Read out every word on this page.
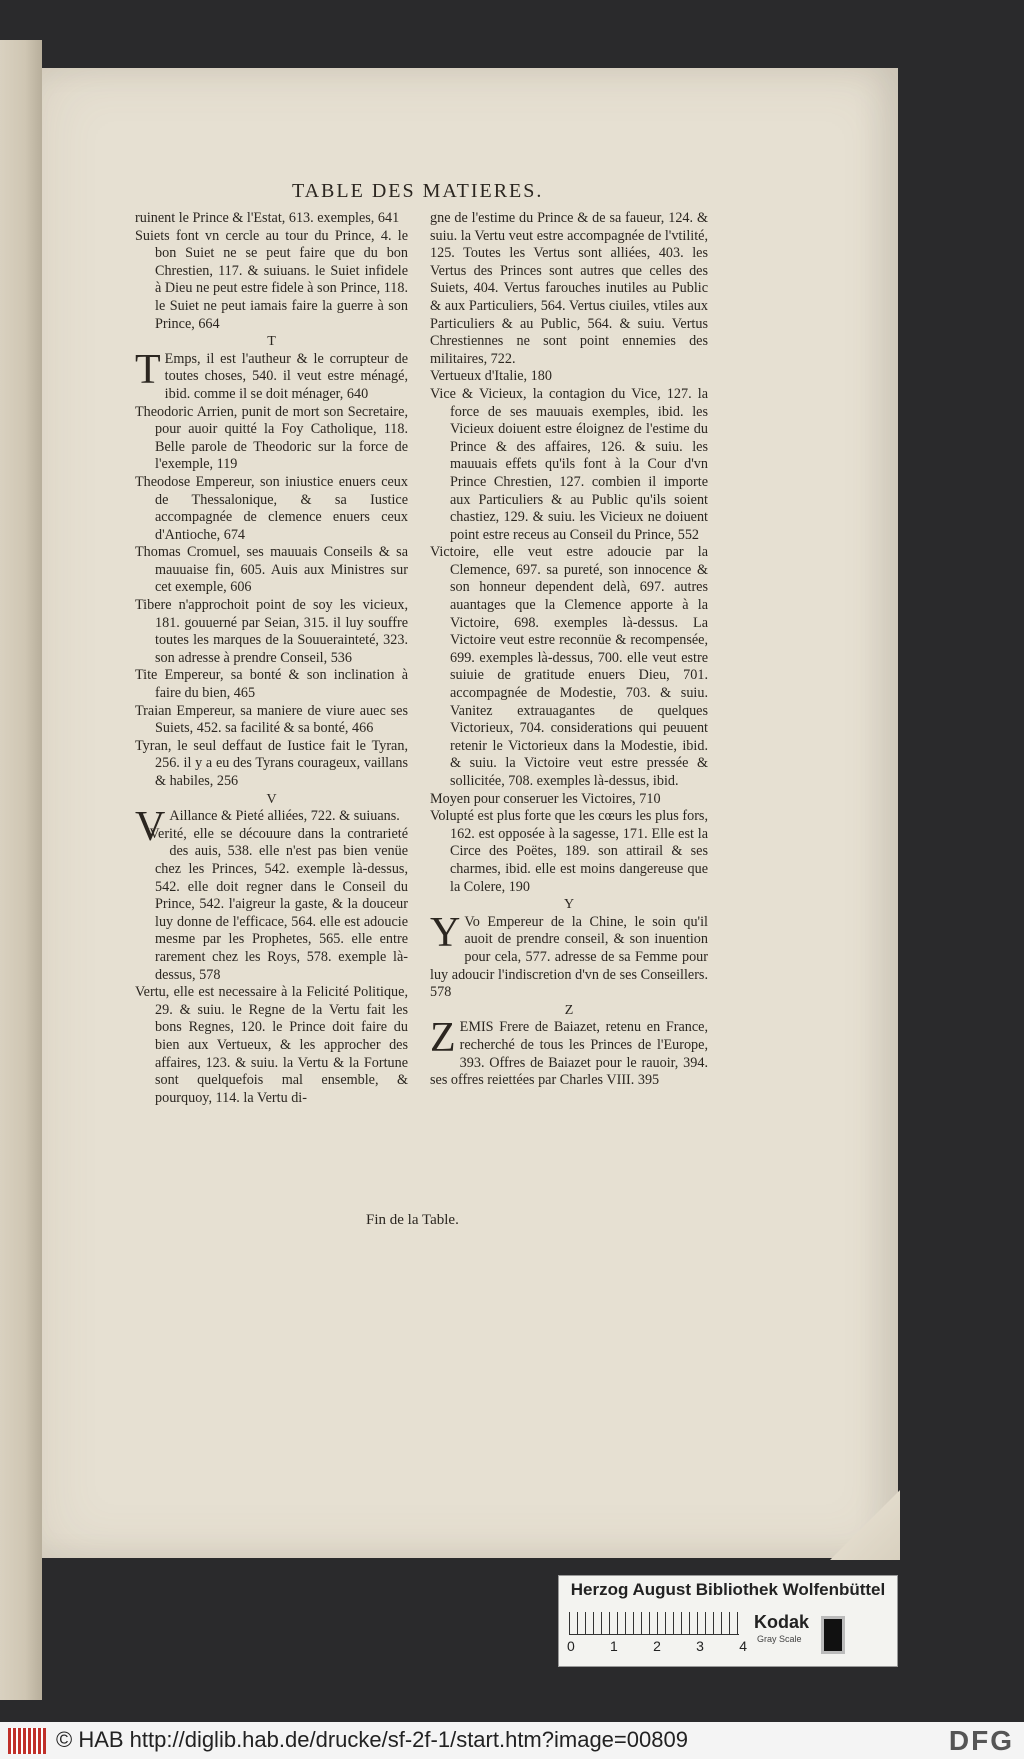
TABLE DES MATIERES.

ruinent le Prince & l'Estat, 613. exemples, 641

Suiets font vn cercle au tour du Prince, 4. le bon Suiet ne se peut faire que du bon Chrestien, 117. & suiuans. le Suiet infidele à Dieu ne peut estre fidele à son Prince, 118. le Suiet ne peut iamais faire la guerre à son Prince, 664

T

T Emps, il est l'autheur & le corrupteur de toutes choses, 540. il veut estre ménagé, ibid. comme il se doit ménager, 640

Theodoric Arrien, punit de mort son Secretaire, pour auoir quitté la Foy Catholique, 118. Belle parole de Theodoric sur la force de l'exemple, 119

Theodose Empereur, son iniustice enuers ceux de Thessalonique, & sa Iustice accompagnée de clemence enuers ceux d'Antioche, 674

Thomas Cromuel, ses mauuais Conseils & sa mauuaise fin, 605. Auis aux Ministres sur cet exemple, 606

Tibere n'approchoit point de soy les vicieux, 181. gouuerné par Seian, 315. il luy souffre toutes les marques de la Souuerainteté, 323. son adresse à prendre Conseil, 536

Tite Empereur, sa bonté & son inclination à faire du bien, 465

Traian Empereur, sa maniere de viure auec ses Suiets, 452. sa facilité & sa bonté, 466

Tyran, le seul deffaut de Iustice fait le Tyran, 256. il y a eu des Tyrans courageux, vaillans & habiles, 256

V

V Aillance & Pieté alliées, 722. & suiuans.

Verité, elle se découure dans la contrarieté des auis, 538. elle n'est pas bien venüe chez les Princes, 542. exemple là-dessus, 542. elle doit regner dans le Conseil du Prince, 542. l'aigreur la gaste, & la douceur luy donne de l'efficace, 564. elle est adoucie mesme par les Prophetes, 565. elle entre rarement chez les Roys, 578. exemple là-dessus, 578

Vertu, elle est necessaire à la Felicité Politique, 29. & suiu. le Regne de la Vertu fait les bons Regnes, 120. le Prince doit faire du bien aux Vertueux, & les approcher des affaires, 123. & suiu. la Vertu & la Fortune sont quelquefois mal ensemble, & pourquoy, 114. la Vertu di-

gne de l'estime du Prince & de sa faueur, 124. & suiu. la Vertu veut estre accompagnée de l'vtilité, 125. Toutes les Vertus sont alliées, 403. les Vertus des Princes sont autres que celles des Suiets, 404. Vertus farouches inutiles au Public & aux Particuliers, 564. Vertus ciuiles, vtiles aux Particuliers & au Public, 564. & suiu. Vertus Chrestiennes ne sont point ennemies des militaires, 722.

Vertueux d'Italie, 180

Vice & Vicieux, la contagion du Vice, 127. la force de ses mauuais exemples, ibid. les Vicieux doiuent estre éloignez de l'estime du Prince & des affaires, 126. & suiu. les mauuais effets qu'ils font à la Cour d'vn Prince Chrestien, 127. combien il importe aux Particuliers & au Public qu'ils soient chastiez, 129. & suiu. les Vicieux ne doiuent point estre receus au Conseil du Prince, 552

Victoire, elle veut estre adoucie par la Clemence, 697. sa pureté, son innocence & son honneur dependent delà, 697. autres auantages que la Clemence apporte à la Victoire, 698. exemples là-dessus. La Victoire veut estre reconnüe & recompensée, 699. exemples là-dessus, 700. elle veut estre suiuie de gratitude enuers Dieu, 701. accompagnée de Modestie, 703. & suiu. Vanitez extrauagantes de quelques Victorieux, 704. considerations qui peuuent retenir le Victorieux dans la Modestie, ibid. & suiu. la Victoire veut estre pressée & sollicitée, 708. exemples là-dessus, ibid.

Moyen pour conseruer les Victoires, 710

Volupté est plus forte que les cœurs les plus fors, 162. est opposée à la sagesse, 171. Elle est la Circe des Poëtes, 189. son attirail & ses charmes, ibid. elle est moins dangereuse que la Colere, 190

Y

Y Vo Empereur de la Chine, le soin qu'il auoit de prendre conseil, & son inuention pour cela, 577. adresse de sa Femme pour luy adoucir l'indiscretion d'vn de ses Conseillers. 578

Z

ZEMIS Frere de Baiazet, retenu en France, recherché de tous les Princes de l'Europe, 393. Offres de Baiazet pour le rauoir, 394. ses offres reiettées par Charles VIII. 395

Fin de la Table.
Herzog August Bibliothek Wolfenbüttel
0	1	2	3	4
Kodak
Gray Scale
© HAB http://diglib.hab.de/drucke/sf-2f-1/start.htm?image=00809	DFG
